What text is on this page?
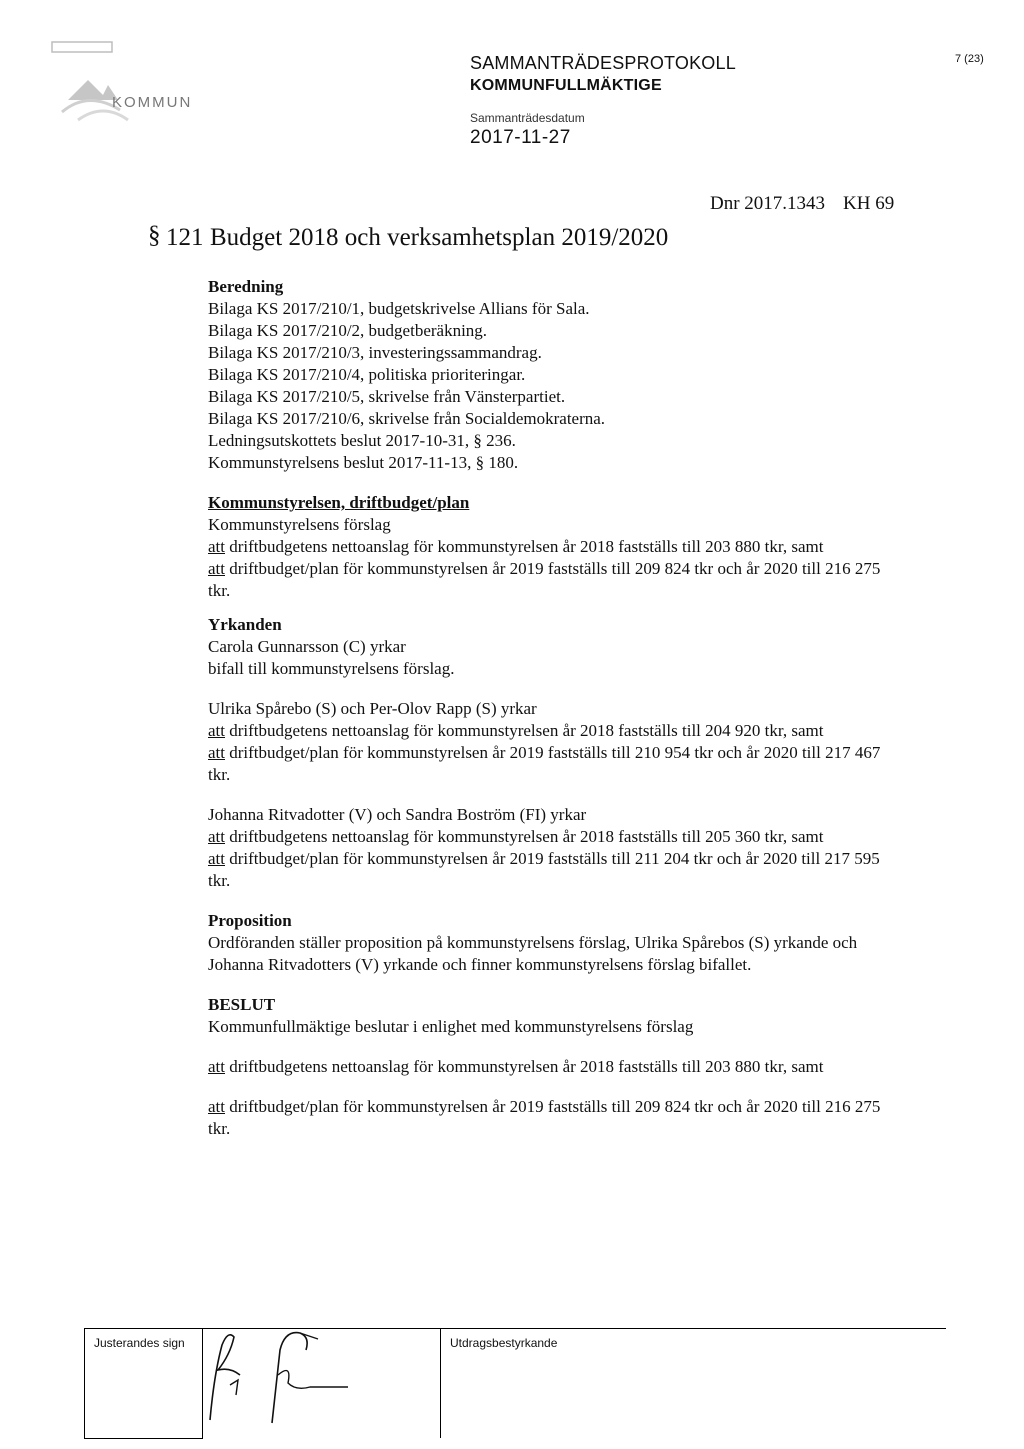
KOMMUN
SAMMANTRÄDESPROTOKOLL
KOMMUNFULLMÄKTIGE
Sammanträdesdatum
2017-11-27
7 (23)
§ 121 Budget 2018 och verksamhetsplan 2019/2020
Dnr 2017.1343 KH 69

Beredning

Bilaga KS 2017/210/1, budgetskrivelse Allians för Sala.

Bilaga KS 2017/210/2, budgetberäkning.

Bilaga KS 2017/210/3, investeringssammandrag.

Bilaga KS 2017/210/4, politiska prioriteringar.

Bilaga KS 2017/210/5, skrivelse från Vänsterpartiet.

Bilaga KS 2017/210/6, skrivelse från Socialdemokraterna.

Ledningsutskottets beslut 2017-10-31, § 236.

Kommunstyrelsens beslut 2017-11-13, § 180.

Kommunstyrelsen, driftbudget/plan

Kommunstyrelsens förslag

att driftbudgetens nettoanslag för kommunstyrelsen år 2018 fastställs till 203 880 tkr, samt

att driftbudget/plan för kommunstyrelsen år 2019 fastställs till 209 824 tkr och år 2020 till 216 275 tkr.

Yrkanden

Carola Gunnarsson (C) yrkar

bifall till kommunstyrelsens förslag.

Ulrika Spårebo (S) och Per-Olov Rapp (S) yrkar

att driftbudgetens nettoanslag för kommunstyrelsen år 2018 fastställs till 204 920 tkr, samt

att driftbudget/plan för kommunstyrelsen år 2019 fastställs till 210 954 tkr och år 2020 till 217 467 tkr.

Johanna Ritvadotter (V) och Sandra Boström (FI) yrkar

att driftbudgetens nettoanslag för kommunstyrelsen år 2018 fastställs till 205 360 tkr, samt

att driftbudget/plan för kommunstyrelsen år 2019 fastställs till 211 204 tkr och år 2020 till 217 595 tkr.

Proposition

Ordföranden ställer proposition på kommunstyrelsens förslag, Ulrika Spårebos (S) yrkande och Johanna Ritvadotters (V) yrkande och finner kommunstyrelsens förslag bifallet.

BESLUT

Kommunfullmäktige beslutar i enlighet med kommunstyrelsens förslag

att driftbudgetens nettoanslag för kommunstyrelsen år 2018 fastställs till 203 880 tkr, samt

att driftbudget/plan för kommunstyrelsen år 2019 fastställs till 209 824 tkr och år 2020 till 216 275 tkr.

Justerandes sign	Utdragsbestyrkande
